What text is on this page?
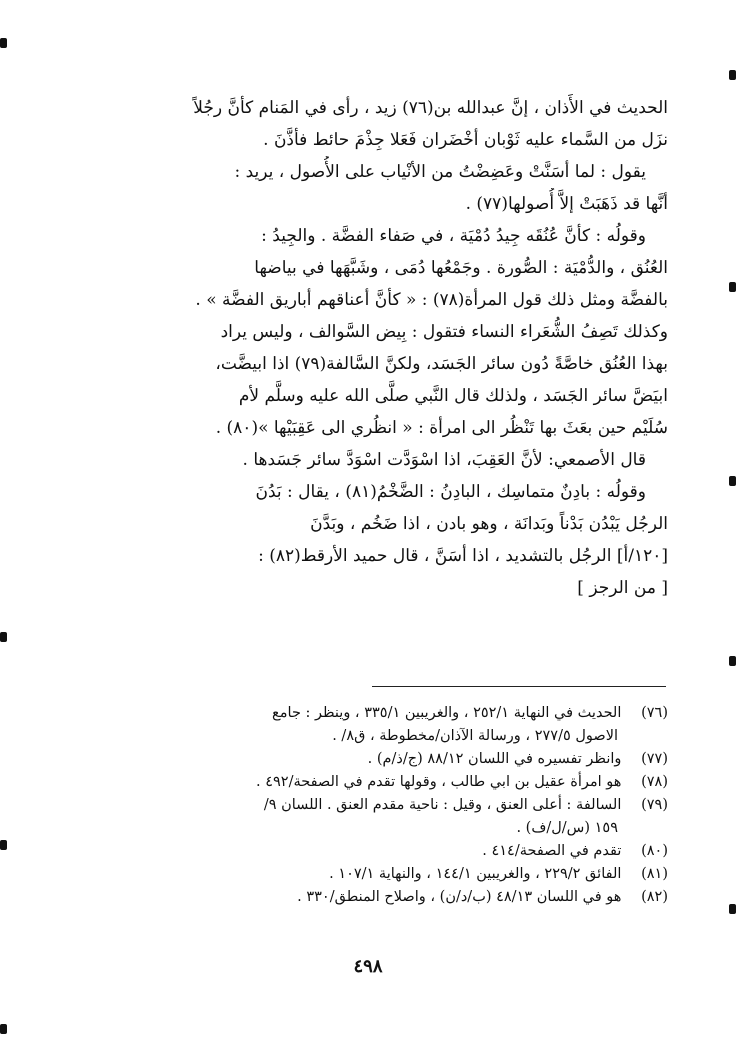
الحديث في الأَذان ، إنَّ عبدالله بن(٧٦) زيد ، رأى في المَنام كأنَّ رجُلاً
نزَل من السَّماء عليه ثَوْبان أخْضَران فَعَلا جِذْمَ حائط فأذَّنَ .
يقول : لما أسَنَّتْ وعَضِضْتُ من الأنْياب على الأُصول ، يريد :
أنَّها قد ذَهَبَتْ إلاَّ أُصولها(٧٧) .
وقولُه : كأنَّ عُنُقَه جِيدُ دُمْيَة ، في صَفاء الفضَّة . والجِيدُ :
العُنُق ، والدُّمْيَة : الصُّورة . وجَمْعُها دُمَى ، وشَبَّهَها في بياضها
بالفضَّة ومثل ذلك قول المرأة(٧٨) : « كأنَّ أعناقهم أباريق الفضَّة » .
وكذلك تَصِفُ الشُّعَراء النساء فتقول : بِيض السَّوالف ، وليس يراد
بهذا العُنُق خاصَّةً دُون سائر الجَسَد، ولكنَّ السَّالفة(٧٩) اذا ابيضَّت،
ابيَضَّ سائر الجَسَد ، ولذلك قال النَّبي صلَّى الله عليه وسلَّم لأم
سُلَيْم حين بعَثَ بها تَنْظُر الى امرأة : « انظُري الى عَقِبَيْها »(٨٠) .
قال الأصمعي: لأنَّ العَقِبَ، اذا اسْوَدَّت اسْوَدَّ سائر جَسَدها .
وقولُه : بادِنٌ متماسِك ، البادِنُ : الضَّخْمُ(٨١) ، يقال : بَدُنَ
الرجُل يَبْدُن بَدْناً وبَدانَة ، وهو بادن ، اذا ضَخُم ، وبَدَّنَ
[١٢٠/أ] الرجُل بالتشديد ، اذا أسَنَّ ، قال حميد الأرقط(٨٢) :
[ من الرجز ]
(٧٦) الحديث في النهاية ٢٥٢/١ ، والغريبين ٣٣٥/١ ، وينظر : جامع
الاصول ٢٧٧/٥ ، ورسالة الآذان/مخطوطة ، ق٨/ .
(٧٧) وانظر تفسيره في اللسان ٨٨/١٢ (ج/ذ/م) .
(٧٨) هو امرأة عقيل بن ابي طالب ، وقولها تقدم في الصفحة/٤٩٢ .
(٧٩) السالفة : أعلى العنق ، وقيل : ناحية مقدم العنق . اللسان ٩/
١٥٩ (س/ل/ف) .
(٨٠) تقدم في الصفحة/٤١٤ .
(٨١) الفائق ٢٢٩/٢ ، والغريبين ١٤٤/١ ، والنهاية ١٠٧/١ .
(٨٢) هو في اللسان ٤٨/١٣ (ب/د/ن) ، واصلاح المنطق/٣٣٠ .
٤٩٨
